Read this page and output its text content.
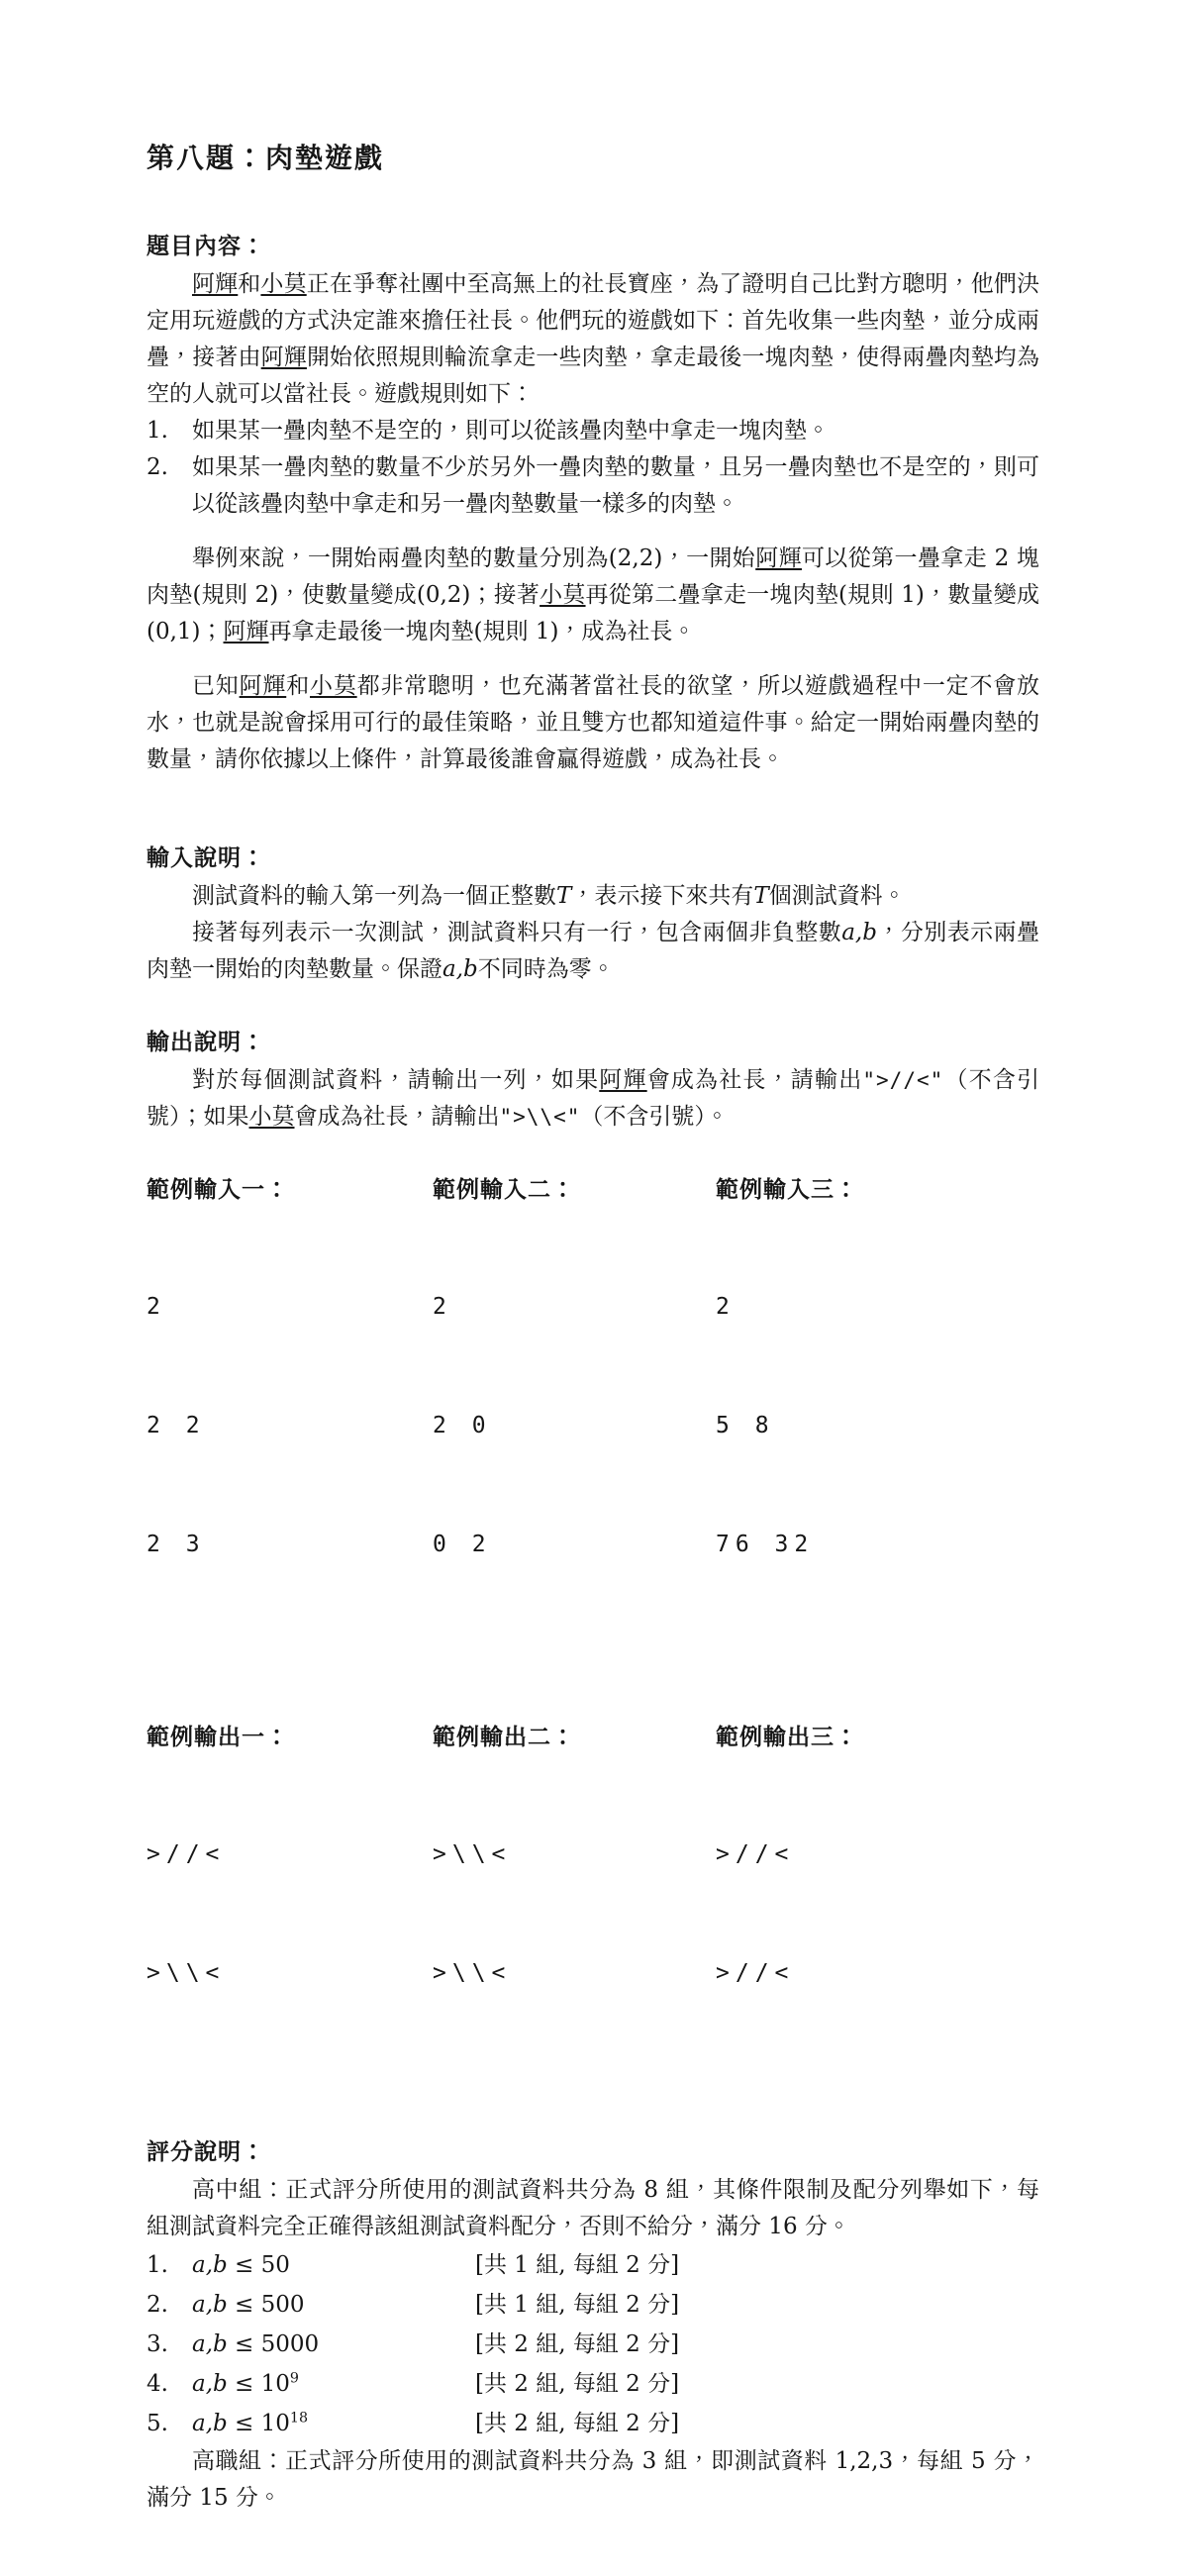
第八題：肉墊遊戲
題目內容：

阿輝和小莫正在爭奪社團中至高無上的社長寶座，為了證明自己比對方聰明，他們決定用玩遊戲的方式決定誰來擔任社長。他們玩的遊戲如下：首先收集一些肉墊，並分成兩疊，接著由阿輝開始依照規則輪流拿走一些肉墊，拿走最後一塊肉墊，使得兩疊肉墊均為空的人就可以當社長。遊戲規則如下：

1.	如果某一疊肉墊不是空的，則可以從該疊肉墊中拿走一塊肉墊。
2.	如果某一疊肉墊的數量不少於另外一疊肉墊的數量，且另一疊肉墊也不是空的，則可以從該疊肉墊中拿走和另一疊肉墊數量一樣多的肉墊。

舉例來說，一開始兩疊肉墊的數量分別為(2,2)，一開始阿輝可以從第一疊拿走 2 塊肉墊(規則 2)，使數量變成(0,2)；接著小莫再從第二疊拿走一塊肉墊(規則 1)，數量變成(0,1)；阿輝再拿走最後一塊肉墊(規則 1)，成為社長。

已知阿輝和小莫都非常聰明，也充滿著當社長的欲望，所以遊戲過程中一定不會放水，也就是說會採用可行的最佳策略，並且雙方也都知道這件事。給定一開始兩疊肉墊的數量，請你依據以上條件，計算最後誰會贏得遊戲，成為社長。

輸入說明：

測試資料的輸入第一列為一個正整數T，表示接下來共有T個測試資料。

接著每列表示一次測試，測試資料只有一行，包含兩個非負整數a,b，分別表示兩疊肉墊一開始的肉墊數量。保證a,b不同時為零。

輸出說明：

對於每個測試資料，請輸出一列，如果阿輝會成為社長，請輸出">//<"（不含引號）；如果小莫會成為社長，請輸出">\\<"（不含引號）。

範例輸入一：

2

2 2

2 3

範例輸入二：

2

2 0

0 2

範例輸入三：

2

5 8

76 32

範例輸出一：

>//<

>\\<

範例輸出二：

>\\<

>\\<

範例輸出三：

>//<

>//<

評分說明：

高中組：正式評分所使用的測試資料共分為 8 組，其條件限制及配分列舉如下，每組測試資料完全正確得該組測試資料配分，否則不給分，滿分 16 分。

1.	a,b ≤ 50	[共 1 組, 每組 2 分]
2.	a,b ≤ 500	[共 1 組, 每組 2 分]
3.	a,b ≤ 5000	[共 2 組, 每組 2 分]
4.	$a,b \le 10^9$	[共 2 組, 每組 2 分]
5.	$a,b \le 10^{18}$	[共 2 組, 每組 2 分]

高職組：正式評分所使用的測試資料共分為 3 組，即測試資料 1,2,3，每組 5 分，滿分 15 分。
